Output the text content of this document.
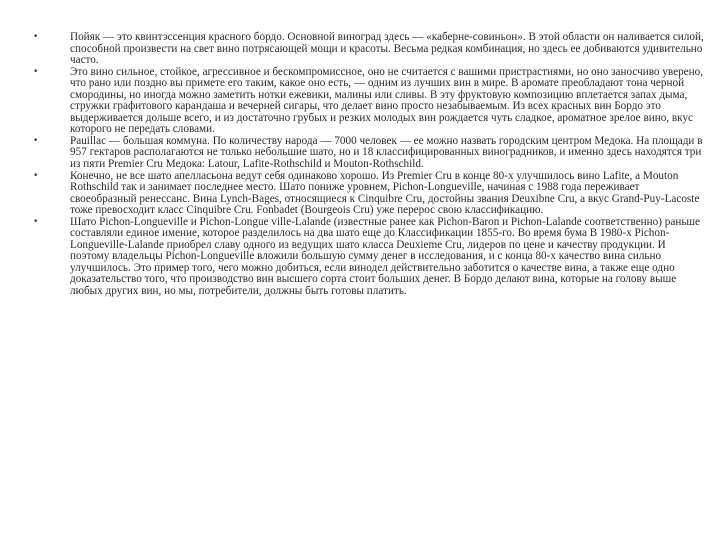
•	Пойяк — это квинтэссенция красного бордо. Основной виноград здесь — «каберне-совиньон». В этой области он наливается силой, способной произвести на свет вино потрясающей мощи и красоты. Весьма редкая комбинация, но здесь ее добиваются удивительно часто.
•	Это вино сильное, стойкое, агрессивное и бескомпромиссное, оно не считается с вашими пристрастиями, но оно заносчиво уверено, что рано или поздно вы примете его таким, какое оно есть, — одним из лучших вин в мире. В аромате преобладают тона черной смородины, но иногда можно заметить нотки ежевики, малины или сливы. В эту фруктовую композицию вплетается запах дыма, стружки графитового карандаша и вечерней сигары, что делает вино просто незабываемым. Из всех красных вин Бордо это выдерживается дольше всего, и из достаточно грубых и резких молодых вин рождается чуть сладкое, ароматное зрелое вино, вкус которого не передать словами.
•	Pauillac — большая коммуна. По количеству народа — 7000 человек — ее можно назвать городским центром Медока. На площади в 957 гектаров располагаются не только небольшие шато, но и 18 классифицированных виноградников, и именно здесь находятся три из пяти Premier Cru Медока: Latour, Lafite-Rothschild и Mouton-Rothschild.
•	Конечно, не все шато апелласьона ведут себя одинаково хорошо. Из Premier Cru в конце 80-х улучшилось вино Lafite, а Mouton Rothschild так и занимает последнее место. Шато пониже уровнем, Pichon-Longueville, начиная с 1988 года переживает своеобразный ренессанс. Вина Lynch-Bages, относящиеся к Cinquibre Cru, достойны звания Deuxibne Cru, а вкус Grand-Puy-Lacoste тоже превосходит класс Cinquibre Cru. Fonbadet (Bourgeois Cru) уже перерос свою классификацию.
•	Шато Pichon-Longueville и Pichon-Longue ville-Lalande (известные ранее как Pichon-Baron и Pichon-Lalande соответственно) раньше составляли единое имение, которое разделилось на два шато еще до Классификации 1855-го. Во время бума В 1980-х Pichon-Longueville-Lalande приобрел славу одного из ведущих шато класса Deuxieme Cru, лидеров по цене и качеству продукции. И поэтому владельцы Pichon-Longueville вложили большую сумму денег в исследования, и с конца 80-х качество вина сильно улучшилось. Это пример того, чего можно добиться, если винодел действительно заботится о качестве вина, а также еще одно доказательство того, что производство вин высшего сорта стоит больших денег. В Бордо делают вина, которые на голову выше любых других вин, но мы, потребители, должны быть готовы платить.
